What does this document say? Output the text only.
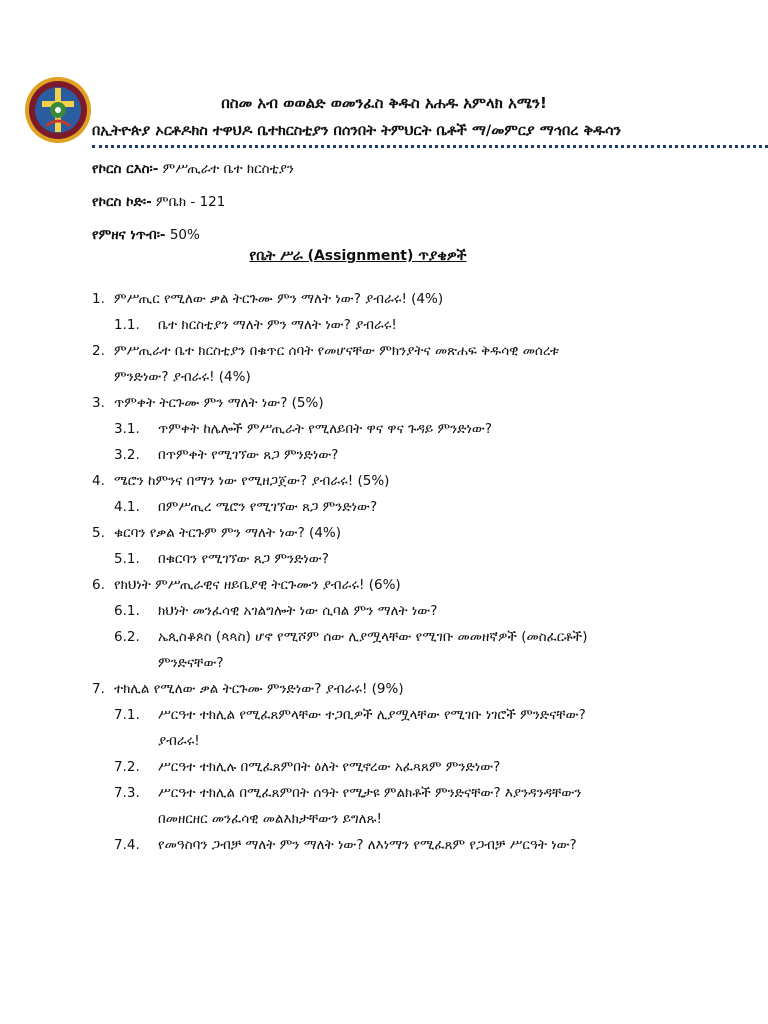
በስመ አብ ወወልድ ወመንፈስ ቅዱስ አሐዱ አምላክ አሜን!
በኢትዮጵያ ኦርቶዶክስ ተዋህዶ ቤተክርስቲያን በሰንበት ትምህርት ቤቶች ማ/መምርያ ማኅበረ ቅዱሳን
የኮርስ ርእስ፡- ምሥጢራተ ቤተ ክርስቲያን
የኮርስ ኮድ፡- ምቤክ - 121
የምዘና ነጥብ፡- 50%
የቤት ሥራ (Assignment) ጥያቄዎች
1. ምሥጢር የሚለው ቃል ትርጉሙ ምን ማለት ነው? ያብራሩ! (4%)
1.1. ቤተ ክርስቲያን ማለት ምን ማለት ነው? ያብራሩ!
2. ምሥጢራተ ቤተ ክርስቲያን በቁጥር ሰባት የመሆናቸው ምክንያትና መጽሐፍ ቅዱሳዊ መሰረቱ
ምንድነው? ያብራሩ! (4%)
3. ጥምቀት ትርጉሙ ምን ማለት ነው? (5%)
3.1. ጥምቀት ከሌሎች ምሥጢራት የሚለይበት ዋና ዋና ጉዳይ ምንድነው?
3.2. በጥምቀት የሚገኘው ጸጋ ምንድነው?
4. ሜሮን ከምንና በማን ነው የሚዘጋጀው? ያብራሩ! (5%)
4.1. በምሥጢረ ሜሮን የሚገኘው ጸጋ ምንድነው?
5. ቁርባን የቃል ትርጉም ምን ማለት ነው? (4%)
5.1. በቁርባን የሚገኘው ጸጋ ምንድነው?
6. የክህነት ምሥጢራዊና ዘይቤያዊ ትርጉሙን ያብራሩ! (6%)
6.1. ክህነት መንፈሳዊ አገልግሎት ነው ሲባል ምን ማለት ነው?
6.2. ኤጲስቆጶስ (ጳጳስ) ሆኖ የሚሾም ሰው ሊያሟላቸው የሚገቡ መመዘኛዎች (መስፈርቶች)
ምንድናቸው?
7. ተክሊል የሚለው ቃል ትርጉሙ ምንድነው? ያብራሩ! (9%)
7.1. ሥርዓተ ተክሊል የሚፈጸምላቸው ተጋቢዎች ሊያሟላቸው የሚገቡ ነገሮች ምንድናቸው?
ያብራሩ!
7.2. ሥርዓተ ተክሊሉ በሚፈጸምበት ዕለት የሚኖረው አፈጻጸም ምንድነው?
7.3. ሥርዓተ ተክሊል በሚፈጸምበት ሰዓት የሚታዩ ምልክቶች ምንድናቸው? እያንዳንዳቸውን
በመዘርዘር መንፈሳዊ መልእክታቸውን ይግለጹ!
7.4. የመዓስባን ጋብቻ ማለት ምን ማለት ነው? ለእነማን የሚፈጸም የጋብቻ ሥርዓት ነው?
